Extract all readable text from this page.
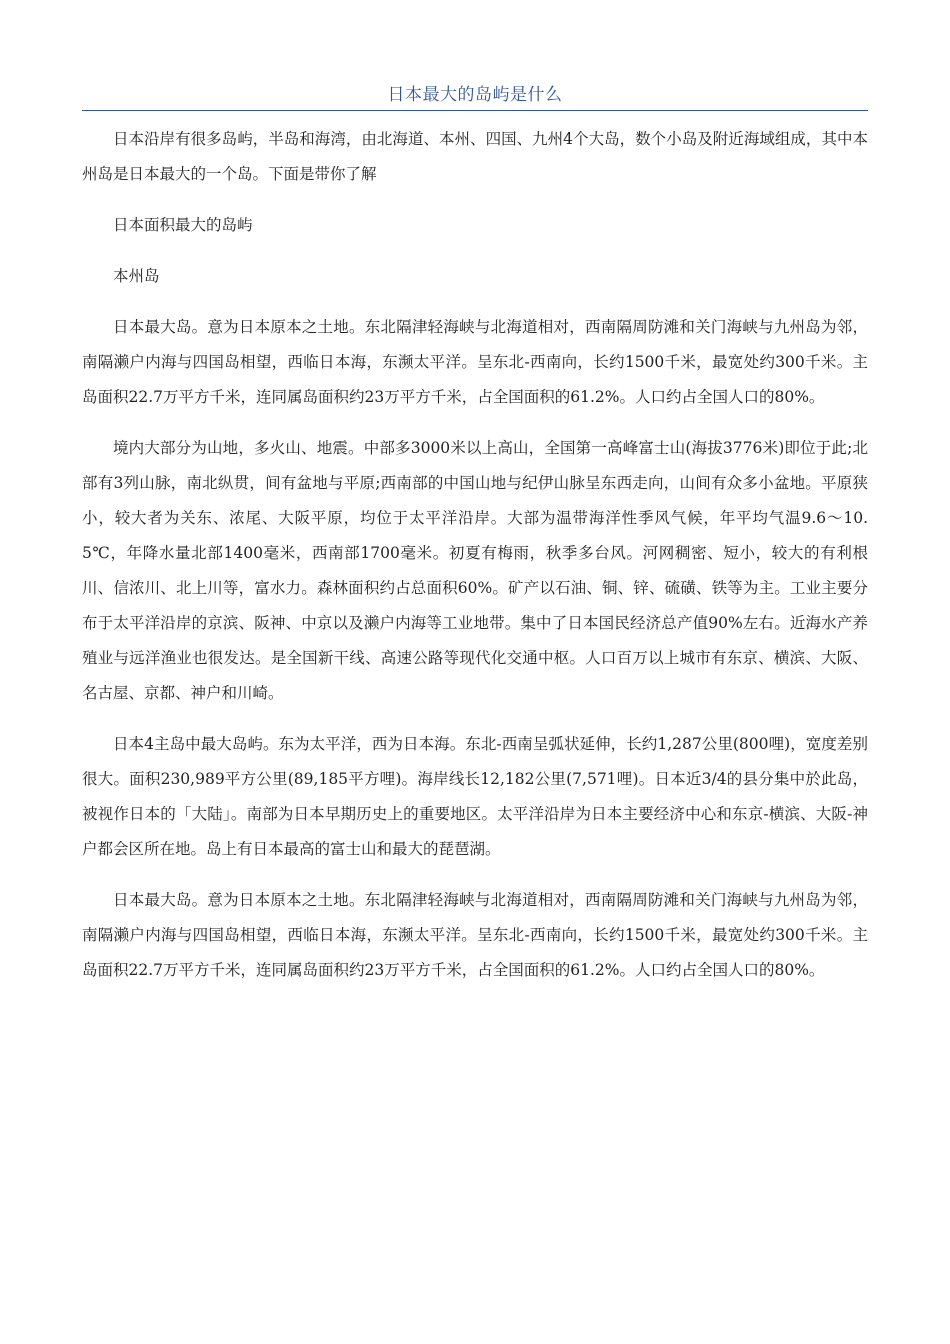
日本最大的岛屿是什么

日本沿岸有很多岛屿，半岛和海湾，由北海道、本州、四国、九州4个大岛，数个小岛及附近海域组成，其中本州岛是日本最大的一个岛。下面是带你了解

日本面积最大的岛屿

本州岛

日本最大岛。意为日本原本之土地。东北隔津轻海峡与北海道相对，西南隔周防滩和关门海峡与九州岛为邻，南隔濑户内海与四国岛相望，西临日本海，东濒太平洋。呈东北-西南向，长约1500千米，最宽处约300千米。主岛面积22.7万平方千米，连同属岛面积约23万平方千米，占全国面积的61.2%。人口约占全国人口的80%。

境内大部分为山地，多火山、地震。中部多3000米以上高山，全国第一高峰富士山(海拔3776米)即位于此;北部有3列山脉，南北纵贯，间有盆地与平原;西南部的中国山地与纪伊山脉呈东西走向，山间有众多小盆地。平原狭小，较大者为关东、浓尾、大阪平原，均位于太平洋沿岸。大部为温带海洋性季风气候，年平均气温9.6～10.5℃，年降水量北部1400毫米，西南部1700毫米。初夏有梅雨，秋季多台风。河网稠密、短小，较大的有利根川、信浓川、北上川等，富水力。森林面积约占总面积60%。矿产以石油、铜、锌、硫磺、铁等为主。工业主要分布于太平洋沿岸的京滨、阪神、中京以及濑户内海等工业地带。集中了日本国民经济总产值90%左右。近海水产养殖业与远洋渔业也很发达。是全国新干线、高速公路等现代化交通中枢。人口百万以上城市有东京、横滨、大阪、名古屋、京都、神户和川崎。

日本4主岛中最大岛屿。东为太平洋，西为日本海。东北-西南呈弧状延伸，长约1,287公里(800哩)，宽度差别很大。面积230,989平方公里(89,185平方哩)。海岸线长12,182公里(7,571哩)。日本近3/4的县分集中於此岛，被视作日本的「大陆」。南部为日本早期历史上的重要地区。太平洋沿岸为日本主要经济中心和东京-横滨、大阪-神户都会区所在地。岛上有日本最高的富士山和最大的琵琶湖。

日本最大岛。意为日本原本之土地。东北隔津轻海峡与北海道相对，西南隔周防滩和关门海峡与九州岛为邻，南隔濑户内海与四国岛相望，西临日本海，东濒太平洋。呈东北-西南向，长约1500千米，最宽处约300千米。主岛面积22.7万平方千米，连同属岛面积约23万平方千米，占全国面积的61.2%。人口约占全国人口的80%。
